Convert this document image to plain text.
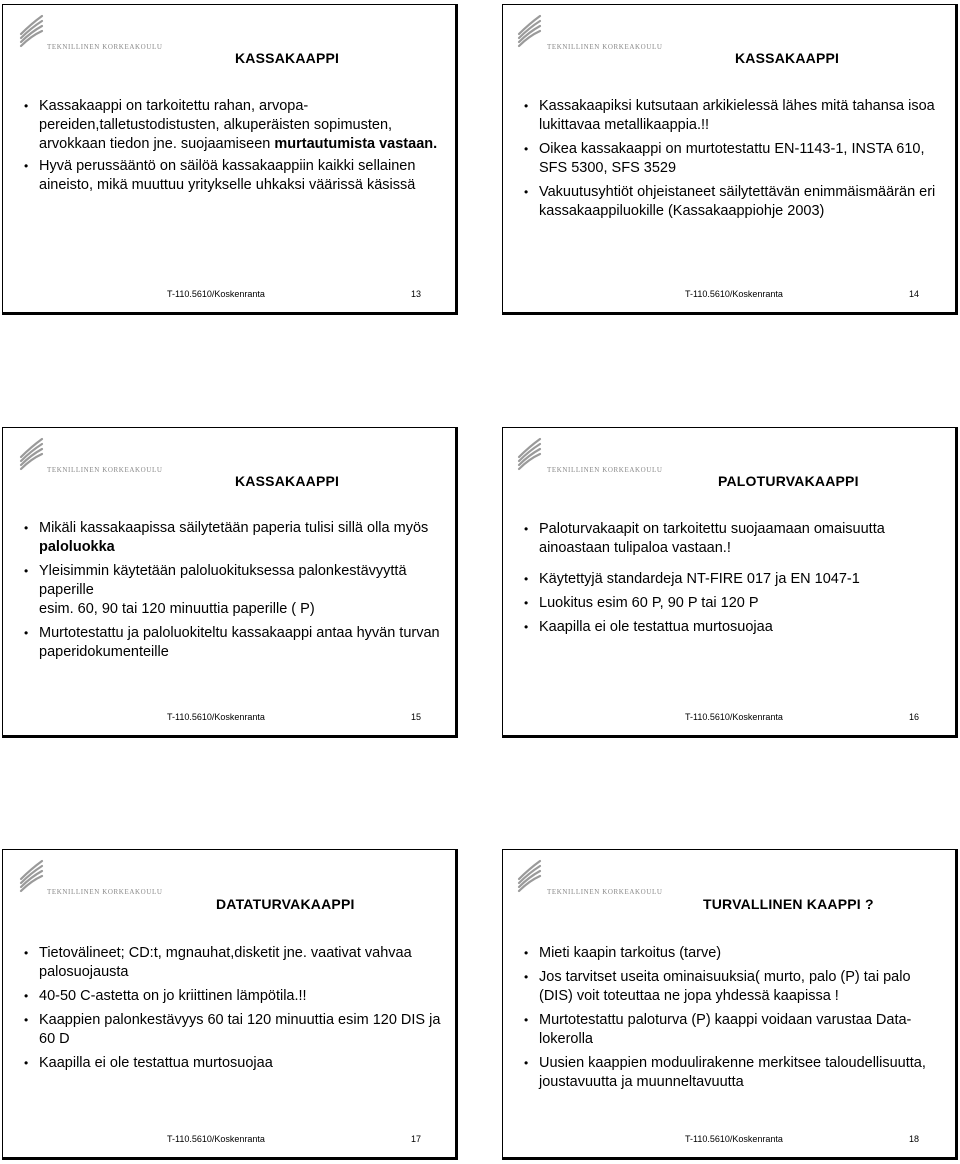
TEKNILLINEN KORKEAKOULU
KASSAKAAPPI
• Kassakaappi on tarkoitettu rahan, arvopa-pereiden,talletustodistusten, alkuperäisten sopimusten, arvokkaan tiedon jne. suojaamiseen murtautumista vastaan.
• Hyvä perussääntö on säilöä kassakaappiin kaikki sellainen aineisto, mikä muuttuu yritykselle uhkaksi väärissä käsissä
T-110.5610/Koskenranta	13
TEKNILLINEN KORKEAKOULU
KASSAKAAPPI
• Kassakaapiksi kutsutaan arkikielessä lähes mitä tahansa isoa lukittavaa metallikaappia.!!
• Oikea kassakaappi on murtotestattu EN-1143-1, INSTA 610, SFS 5300, SFS 3529
• Vakuutusyhtiöt ohjeistaneet säilytettävän enimmäismäärän eri kassakaappiluokille (Kassakaappiohje 2003)
T-110.5610/Koskenranta	14
TEKNILLINEN KORKEAKOULU
KASSAKAAPPI
• Mikäli kassakaapissa säilytetään paperia tulisi sillä olla myös paloluokka
• Yleisimmin käytetään paloluokituksessa palonkestävyyttä paperille
esim. 60, 90 tai 120 minuuttia paperille ( P)
• Murtotestattu ja paloluokiteltu kassakaappi antaa hyvän turvan paperidokumenteille
T-110.5610/Koskenranta	15
TEKNILLINEN KORKEAKOULU
PALOTURVAKAAPPI
• Paloturvakaapit on tarkoitettu suojaamaan omaisuutta ainoastaan tulipaloa vastaan.!
• Käytettyjä standardeja NT-FIRE 017 ja EN 1047-1
• Luokitus esim 60 P, 90 P tai 120 P
• Kaapilla ei ole testattua murtosuojaa
T-110.5610/Koskenranta	16
TEKNILLINEN KORKEAKOULU
DATATURVAKAAPPI
• Tietovälineet; CD:t, mgnauhat,disketit jne. vaativat vahvaa palosuojausta
• 40-50 C-astetta on jo kriittinen lämpötila.!!
• Kaappien palonkestävyys 60 tai 120 minuuttia esim 120 DIS ja 60 D
• Kaapilla ei ole testattua murtosuojaa
T-110.5610/Koskenranta	17
TEKNILLINEN KORKEAKOULU
TURVALLINEN KAAPPI ?
• Mieti kaapin tarkoitus (tarve)
• Jos tarvitset useita ominaisuuksia( murto, palo (P) tai palo (DIS) voit toteuttaa ne jopa yhdessä kaapissa !
• Murtotestattu paloturva (P) kaappi voidaan varustaa Data-lokerolla
• Uusien kaappien moduulirakenne merkitsee taloudellisuutta, joustavuutta ja muunneltavuutta
T-110.5610/Koskenranta	18
